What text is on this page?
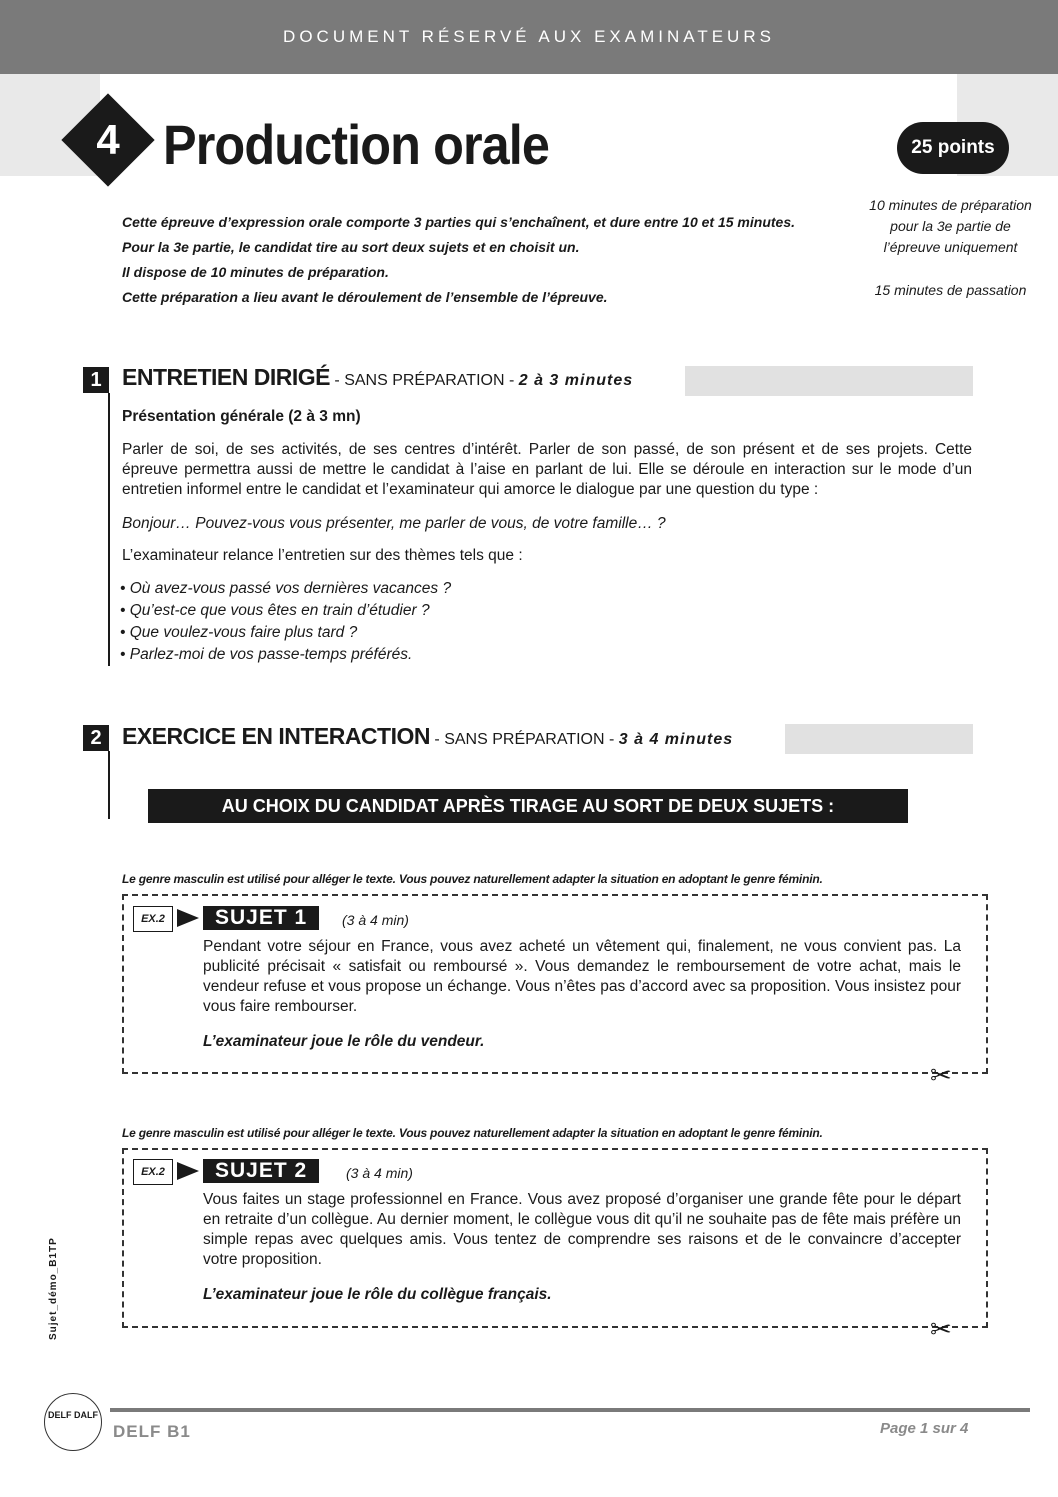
DOCUMENT RÉSERVÉ AUX EXAMINATEURS
4 Production orale	25 points
Cette épreuve d’expression orale comporte 3 parties qui s’enchaînent, et dure entre 10 et 15 minutes.
Pour la 3e partie, le candidat tire au sort deux sujets et en choisit un.
Il dispose de 10 minutes de préparation.
Cette préparation a lieu avant le déroulement de l’ensemble de l’épreuve.
10 minutes de préparation
pour la 3e partie de
l’épreuve uniquement
15 minutes de passation
1 ENTRETIEN DIRIGÉ - SANS PRÉPARATION - 2 à 3 minutes
Présentation générale (2 à 3 mn)
Parler de soi, de ses activités, de ses centres d’intérêt. Parler de son passé, de son présent et de ses projets. Cette épreuve permettra aussi de mettre le candidat à l’aise en parlant de lui. Elle se déroule en interaction sur le mode d’un entretien informel entre le candidat et l’examinateur qui amorce le dialogue par une question du type :
Bonjour… Pouvez-vous vous présenter, me parler de vous, de votre famille… ?
L’examinateur relance l’entretien sur des thèmes tels que :
• Où avez-vous passé vos dernières vacances ?
• Qu’est-ce que vous êtes en train d’étudier ?
• Que voulez-vous faire plus tard ?
• Parlez-moi de vos passe-temps préférés.
2 EXERCICE EN INTERACTION - SANS PRÉPARATION - 3 à 4 minutes
AU CHOIX DU CANDIDAT APRÈS TIRAGE AU SORT DE DEUX SUJETS :
Le genre masculin est utilisé pour alléger le texte. Vous pouvez naturellement adapter la situation en adoptant le genre féminin.
EX.2	SUJET 1	(3 à 4 min)
Pendant votre séjour en France, vous avez acheté un vêtement qui, finalement, ne vous convient pas. La publicité précisait « satisfait ou remboursé ». Vous demandez le remboursement de votre achat, mais le vendeur refuse et vous propose un échange. Vous n’êtes pas d’accord avec sa proposition. Vous insistez pour vous faire rembourser.
L’examinateur joue le rôle du vendeur.
✂
Le genre masculin est utilisé pour alléger le texte. Vous pouvez naturellement adapter la situation en adoptant le genre féminin.
EX.2	SUJET 2	(3 à 4 min)
Vous faites un stage professionnel en France. Vous avez proposé d’organiser une grande fête pour le départ en retraite d’un collègue. Au dernier moment, le collègue vous dit qu’il ne souhaite pas de fête mais préfère un simple repas avec quelques amis. Vous tentez de comprendre ses raisons et de le convaincre d’accepter votre proposition.
L’examinateur joue le rôle du collègue français.
✂
Sujet_démo_B1TP
DELF DALF
DELF B1	Page 1 sur 4
